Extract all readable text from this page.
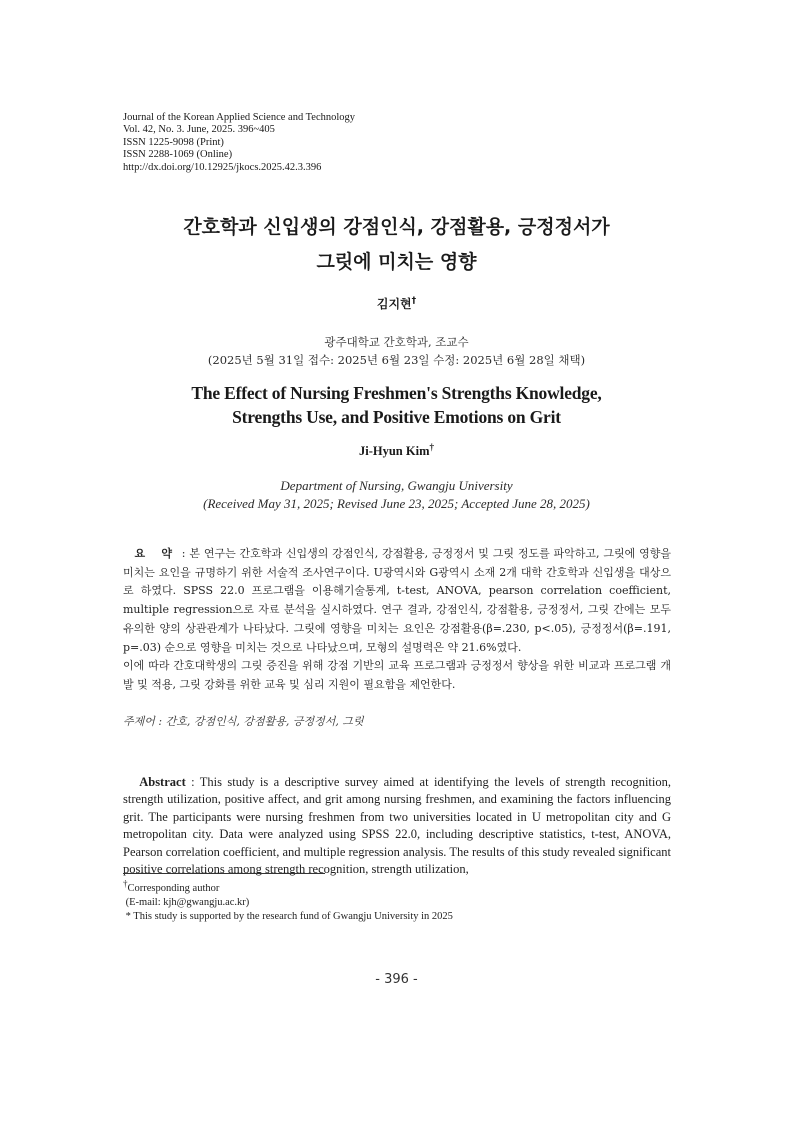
Journal of the Korean Applied Science and Technology
Vol. 42, No. 3. June, 2025. 396~405
ISSN 1225-9098 (Print)
ISSN 2288-1069 (Online)
http://dx.doi.org/10.12925/jkocs.2025.42.3.396
간호학과 신입생의 강점인식, 강점활용, 긍정정서가
그릿에 미치는 영향
김지현†
광주대학교 간호학과, 조교수
(2025년 5월 31일 접수: 2025년 6월 23일 수정: 2025년 6월 28일 채택)
The Effect of Nursing Freshmen's Strengths Knowledge,
Strengths Use, and Positive Emotions on Grit
Ji-Hyun Kim†
Department of Nursing, Gwangju University
(Received May 31, 2025; Revised June 23, 2025; Accepted June 28, 2025)
요 약 : 본 연구는 간호학과 신입생의 강점인식, 강점활용, 긍정정서 및 그릿 정도를 파악하고, 그릿에 영향을 미치는 요인을 규명하기 위한 서술적 조사연구이다. U광역시와 G광역시 소재 2개 대학 간호학과 신입생을 대상으로 하였다. SPSS 22.0 프로그램을 이용해기술통계, t-test, ANOVA, pearson correlation coefficient, multiple regression으로 자료 분석을 실시하였다. 연구 결과, 강점인식, 강점활용, 긍정정서, 그릿 간에는 모두 유의한 양의 상관관계가 나타났다. 그릿에 영향을 미치는 요인은 강점활용(β=.230, p<.05), 긍정정서(β=.191, p=.03) 순으로 영향을 미치는 것으로 나타났으며, 모형의 설명력은 약 21.6%였다.
이에 따라 간호대학생의 그릿 증진을 위해 강점 기반의 교육 프로그램과 긍정정서 향상을 위한 비교과 프로그램 개발 및 적용, 그릿 강화를 위한 교육 및 심리 지원이 필요함을 제언한다.
주제어 : 간호, 강점인식, 강점활용, 긍정정서, 그릿
Abstract : This study is a descriptive survey aimed at identifying the levels of strength recognition, strength utilization, positive affect, and grit among nursing freshmen, and examining the factors influencing grit. The participants were nursing freshmen from two universities located in U metropolitan city and G metropolitan city. Data were analyzed using SPSS 22.0, including descriptive statistics, t-test, ANOVA, Pearson correlation coefficient, and multiple regression analysis. The results of this study revealed significant positive correlations among strength recognition, strength utilization,
†Corresponding author
(E-mail: kjh@gwangju.ac.kr)
* This study is supported by the research fund of Gwangju University in 2025
- 396 -
